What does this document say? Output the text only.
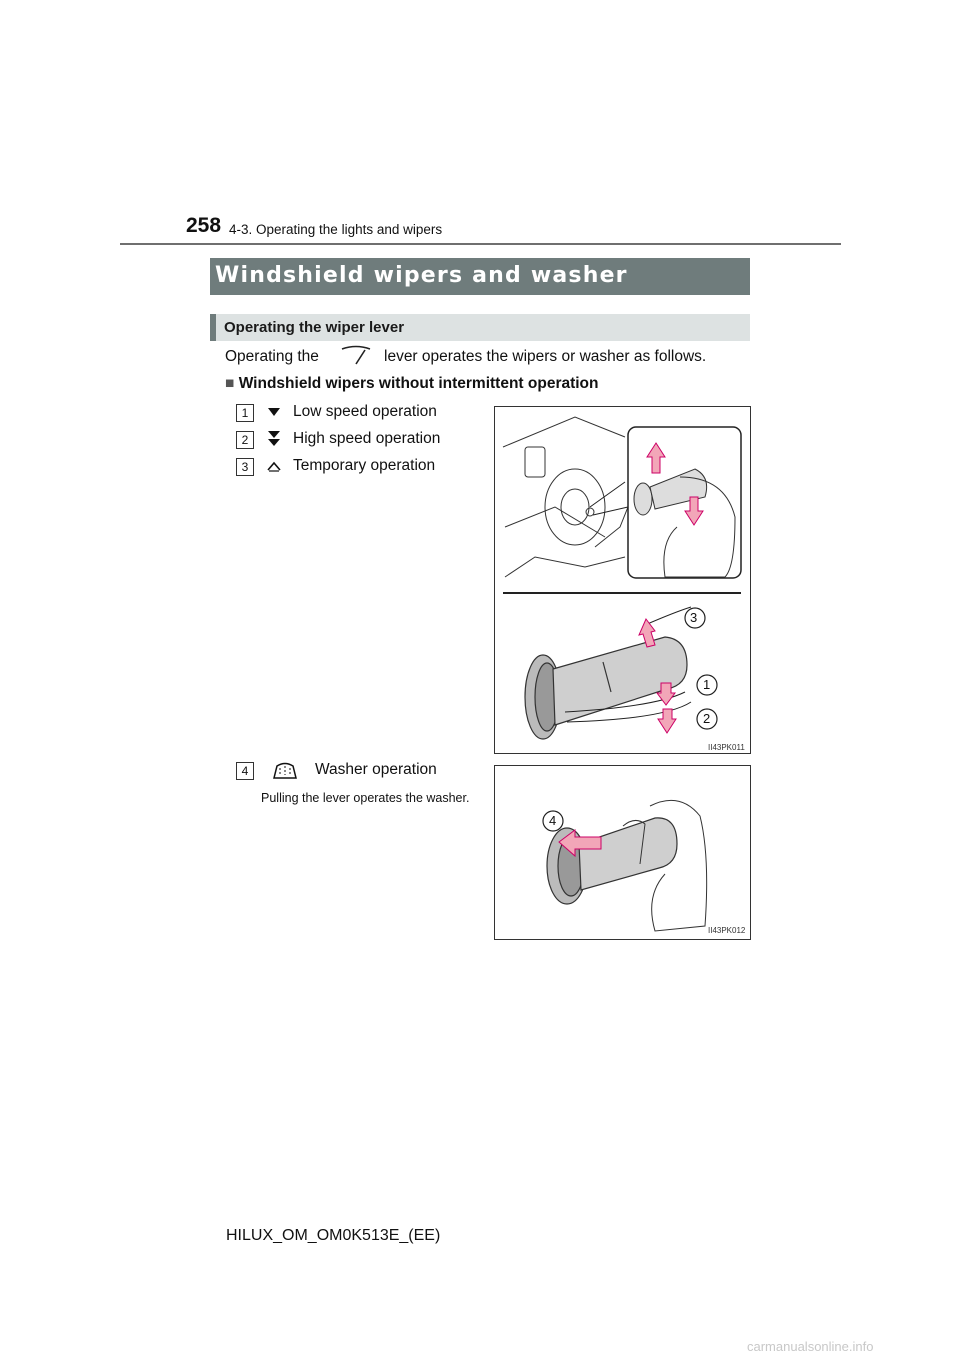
258 4-3. Operating the lights and wipers
Windshield wipers and washer
Operating the wiper lever
Operating the	lever operates the wipers or washer as follows.
■ Windshield wipers without intermittent operation
1	Low speed operation
2	High speed operation
3	Temporary operation
3
1
2
II43PK011
4	Washer operation
Pulling the lever operates the washer.
4
II43PK012
HILUX_OM_OM0K513E_(EE)
carmanualsonline.info
